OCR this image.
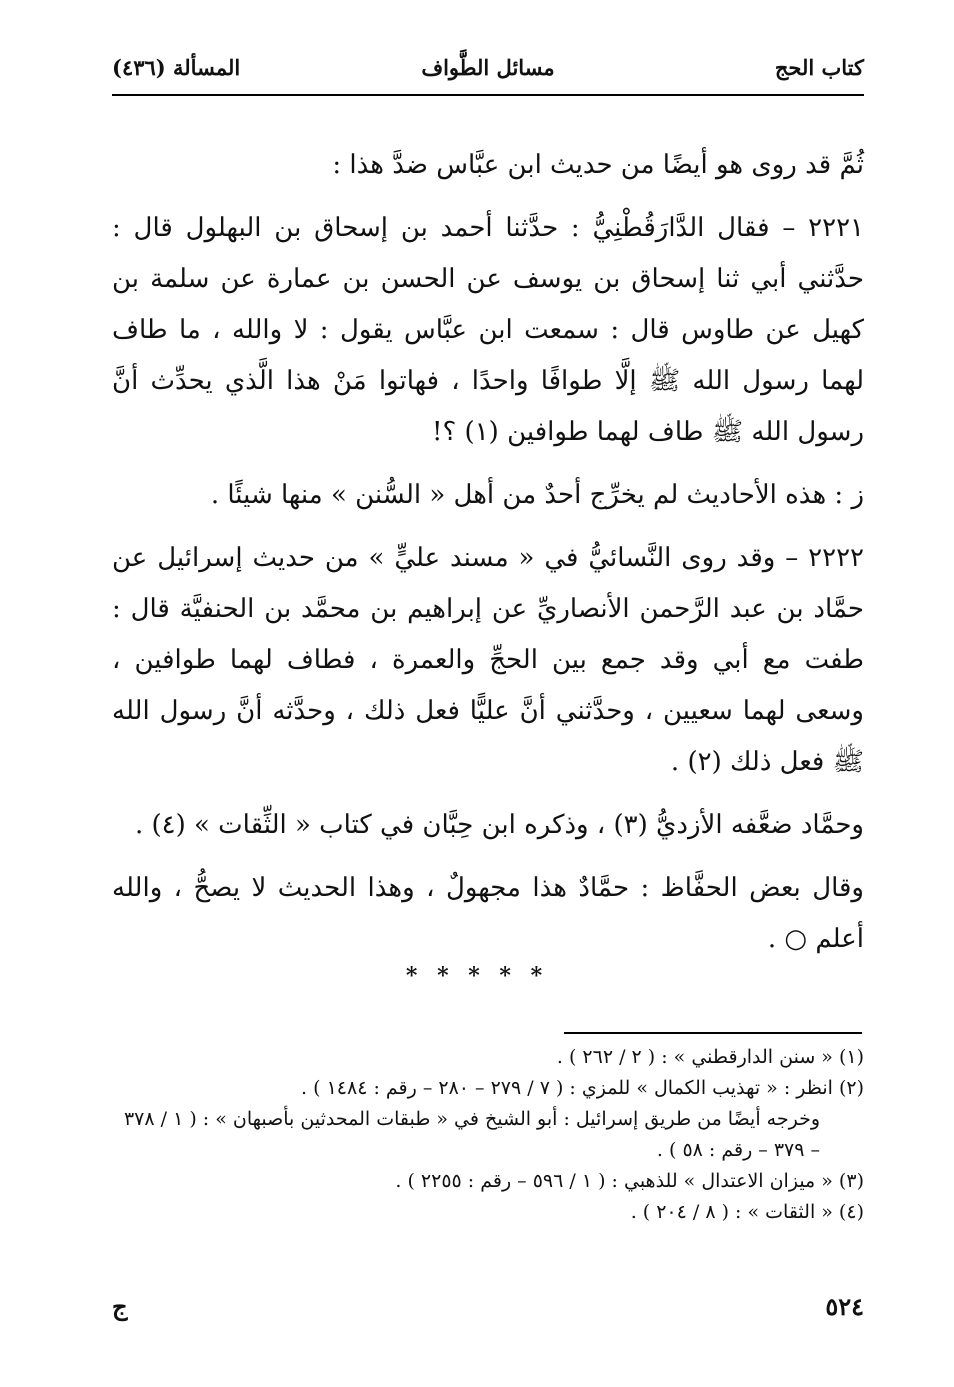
كتاب الحج
مسائل الطَّواف
المسألة (٤٣٦)

ثُمَّ قد روى هو أيضًا من حديث ابن عبَّاس ضدَّ هذا :

٢٢٢١ – فقال الدَّارَقُطْنِيُّ : حدَّثنا أحمد بن إسحاق بن البهلول قال : حدَّثني أبي ثنا إسحاق بن يوسف عن الحسن بن عمارة عن سلمة بن كهيل عن طاوس قال : سمعت ابن عبَّاس يقول : لا والله ، ما طاف لهما رسول الله ﷺ إلَّا طوافًا واحدًا ، فهاتوا مَنْ هذا الَّذي يحدِّث أنَّ رسول الله ﷺ طاف لهما طوافين (١) ؟!

ز : هذه الأحاديث لم يخرِّج أحدٌ من أهل « السُّنن » منها شيئًا .

٢٢٢٢ – وقد روى النَّسائيُّ في « مسند عليٍّ » من حديث إسرائيل عن حمَّاد بن عبد الرَّحمن الأنصاريِّ عن إبراهيم بن محمَّد بن الحنفيَّة قال : طفت مع أبي وقد جمع بين الحجِّ والعمرة ، فطاف لهما طوافين ، وسعى لهما سعيين ، وحدَّثني أنَّ عليًّا فعل ذلك ، وحدَّثه أنَّ رسول الله ﷺ فعل ذلك (٢) .

وحمَّاد ضعَّفه الأزديُّ (٣) ، وذكره ابن حِبَّان في كتاب « الثِّقات » (٤) .

وقال بعض الحفَّاظ : حمَّادٌ هذا مجهولٌ ، وهذا الحديث لا يصحُّ ، والله أعلم ○ .

* * * * *
(١) « سنن الدارقطني » : ( ٢ / ٢٦٢ ) .
(٢) انظر : « تهذيب الكمال » للمزي : ( ٧ / ٢٧٩ – ٢٨٠ – رقم : ١٤٨٤ ) .
وخرجه أيضًا من طريق إسرائيل : أبو الشيخ في « طبقات المحدثين بأصبهان » : ( ١ / ٣٧٨ – ٣٧٩ – رقم : ٥٨ ) .
(٣) « ميزان الاعتدال » للذهبي : ( ١ / ٥٩٦ – رقم : ٢٢٥٥ ) .
(٤) « الثقات » : ( ٨ / ٢٠٤ ) .
٥٢٤
ج
